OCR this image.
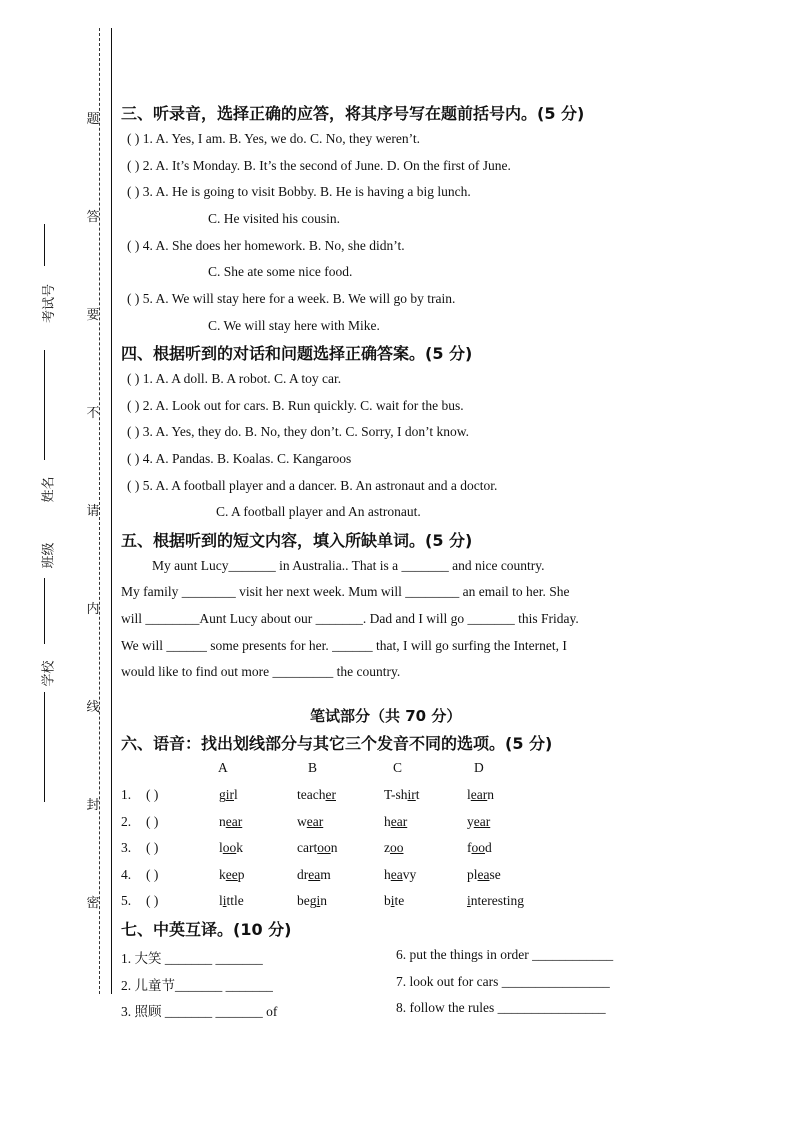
题
答
要
不
请
内
线
封
密
考试号
姓名
班级
学校
三、听录音，选择正确的应答，将其序号写在题前括号内。(5 分)
( ) 1. A. Yes, I am. B. Yes, we do. C. No, they weren’t.
( ) 2. A. It’s Monday. B. It’s the second of June. D. On the first of June.
( ) 3. A. He is going to visit Bobby. B. He is having a big lunch.
C. He visited his cousin.
( ) 4. A. She does her homework. B. No, she didn’t.
C. She ate some nice food.
( ) 5. A. We will stay here for a week. B. We will go by train.
C. We will stay here with Mike.
四、根据听到的对话和问题选择正确答案。(5 分)
( ) 1. A. A doll. B. A robot. C. A toy car.
( ) 2. A. Look out for cars. B. Run quickly. C. wait for the bus.
( ) 3. A. Yes, they do. B. No, they don’t. C. Sorry, I don’t know.
( ) 4. A. Pandas. B. Koalas. C. Kangaroos
( ) 5. A. A football player and a dancer. B. An astronaut and a doctor.
C. A football player and An astronaut.
五、根据听到的短文内容，填入所缺单词。(5 分)
My aunt Lucy_______ in Australia.. That is a _______ and nice country.
My family ________ visit her next week. Mum will ________ an email to her. She
will ________Aunt Lucy about our _______. Dad and I will go _______ this Friday.
We will ______ some presents for her. ______ that, I will go surfing the Internet, I
would like to find out more _________ the country.
笔试部分（共 70 分）
六、语音：找出划线部分与其它三个发音不同的选项。(5 分)
A	B	C	D
1. ( )	girl	teacher	T-shirt	learn
2. ( )	near	wear	hear	year
3. ( )	look	cartoon	zoo	food
4. ( )	keep	dream	heavy	please
5. ( )	little	begin	bite	interesting
七、中英互译。(10 分)
1. 大笑 _______ _______
2. 儿童节_______ _______
3. 照顾 _______ _______ of
6. put the things in order ____________
7. look out for cars ________________
8. follow the rules ________________
